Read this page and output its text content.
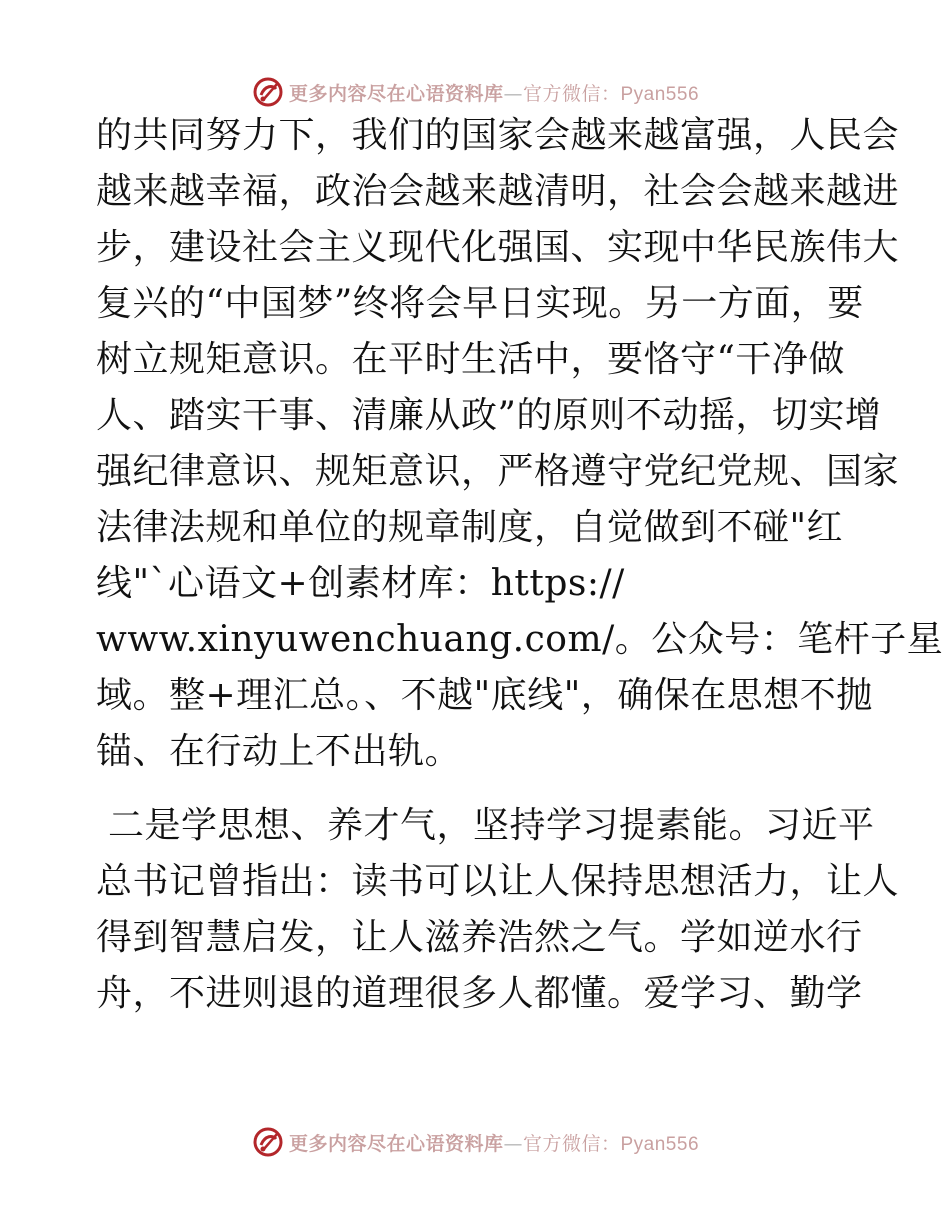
更多内容尽在心语资料库 — 官方微信： Pyan556
的共同努力下，我们的国家会越来越富强，人民会
越来越幸福，政治会越来越清明，社会会越来越进
步，建设社会主义现代化强国、实现中华民族伟大
复兴的“中国梦”终将会早日实现。另一方面，要
树立规矩意识。在平时生活中，要恪守“干净做
人、踏实干事、清廉从政”的原则不动摇，切实增
强纪律意识、规矩意识，严格遵守党纪党规、国家
法律法规和单位的规章制度，自觉做到不碰"红
线"`心语文+创素材库：https://
www.xinyuwenchuang.com/。公众号：笔杆子星
域。整+理汇总。、不越"底线"，确保在思想不抛
锚、在行动上不出轨。
二是学思想、养才气，坚持学习提素能。习近平
总书记曾指出：读书可以让人保持思想活力，让人
得到智慧启发，让人滋养浩然之气。学如逆水行
舟，不进则退的道理很多人都懂。爱学习、勤学
更多内容尽在心语资料库 — 官方微信： Pyan556
